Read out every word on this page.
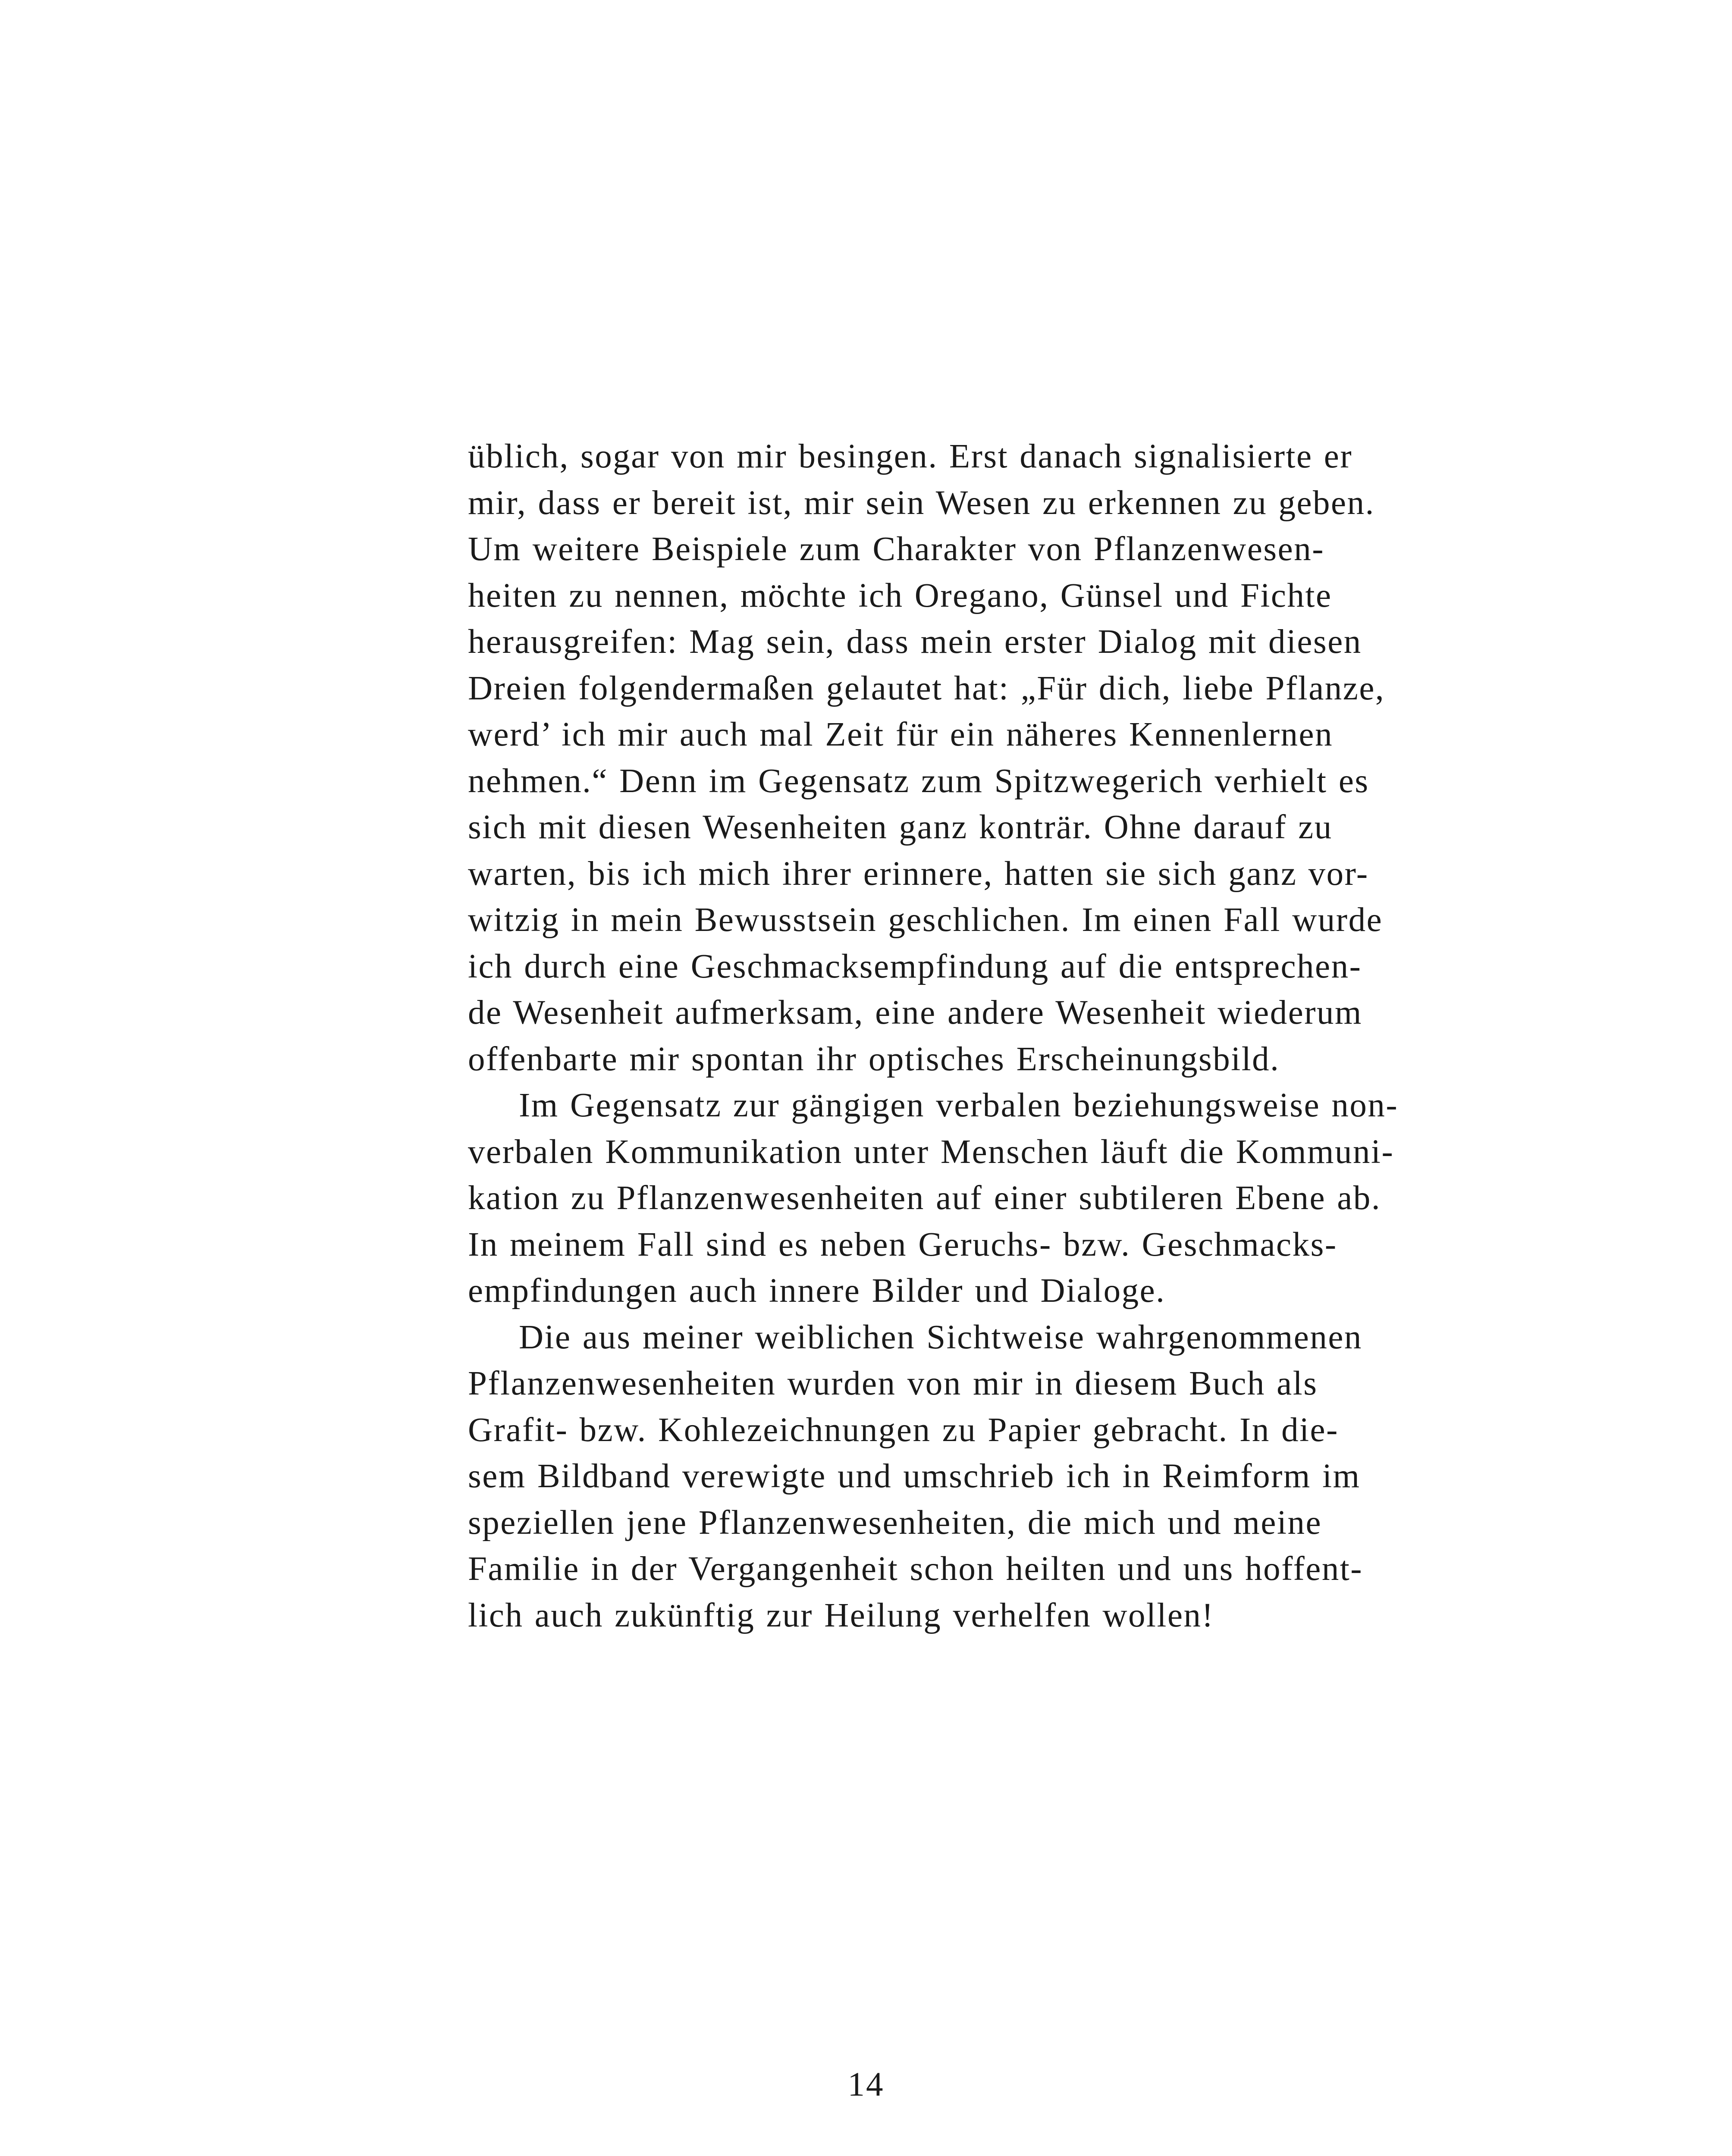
üblich, sogar von mir besingen. Erst danach signalisierte er
mir, dass er bereit ist, mir sein Wesen zu erkennen zu geben.
Um weitere Beispiele zum Charakter von Pflanzenwesen-
heiten zu nennen, möchte ich Oregano, Günsel und Fichte
herausgreifen: Mag sein, dass mein erster Dialog mit diesen
Dreien folgendermaßen gelautet hat: „Für dich, liebe Pflanze,
werd’ ich mir auch mal Zeit für ein näheres Kennenlernen
nehmen.“ Denn im Gegensatz zum Spitzwegerich verhielt es
sich mit diesen Wesenheiten ganz konträr. Ohne darauf zu
warten, bis ich mich ihrer erinnere, hatten sie sich ganz vor-
witzig in mein Bewusstsein geschlichen. Im einen Fall wurde
ich durch eine Geschmacksempfindung auf die entsprechen-
de Wesenheit aufmerksam, eine andere Wesenheit wiederum
offenbarte mir spontan ihr optisches Erscheinungsbild.
Im Gegensatz zur gängigen verbalen beziehungsweise non-
verbalen Kommunikation unter Menschen läuft die Kommuni-
kation zu Pflanzenwesenheiten auf einer subtileren Ebene ab.
In meinem Fall sind es neben Geruchs- bzw. Geschmacks-
empfindungen auch innere Bilder und Dialoge.
Die aus meiner weiblichen Sichtweise wahrgenommenen
Pflanzenwesenheiten wurden von mir in diesem Buch als
Grafit- bzw. Kohlezeichnungen zu Papier gebracht. In die-
sem Bildband verewigte und umschrieb ich in Reimform im
speziellen jene Pflanzenwesenheiten, die mich und meine
Familie in der Vergangenheit schon heilten und uns hoffent-
lich auch zukünftig zur Heilung verhelfen wollen!
14
